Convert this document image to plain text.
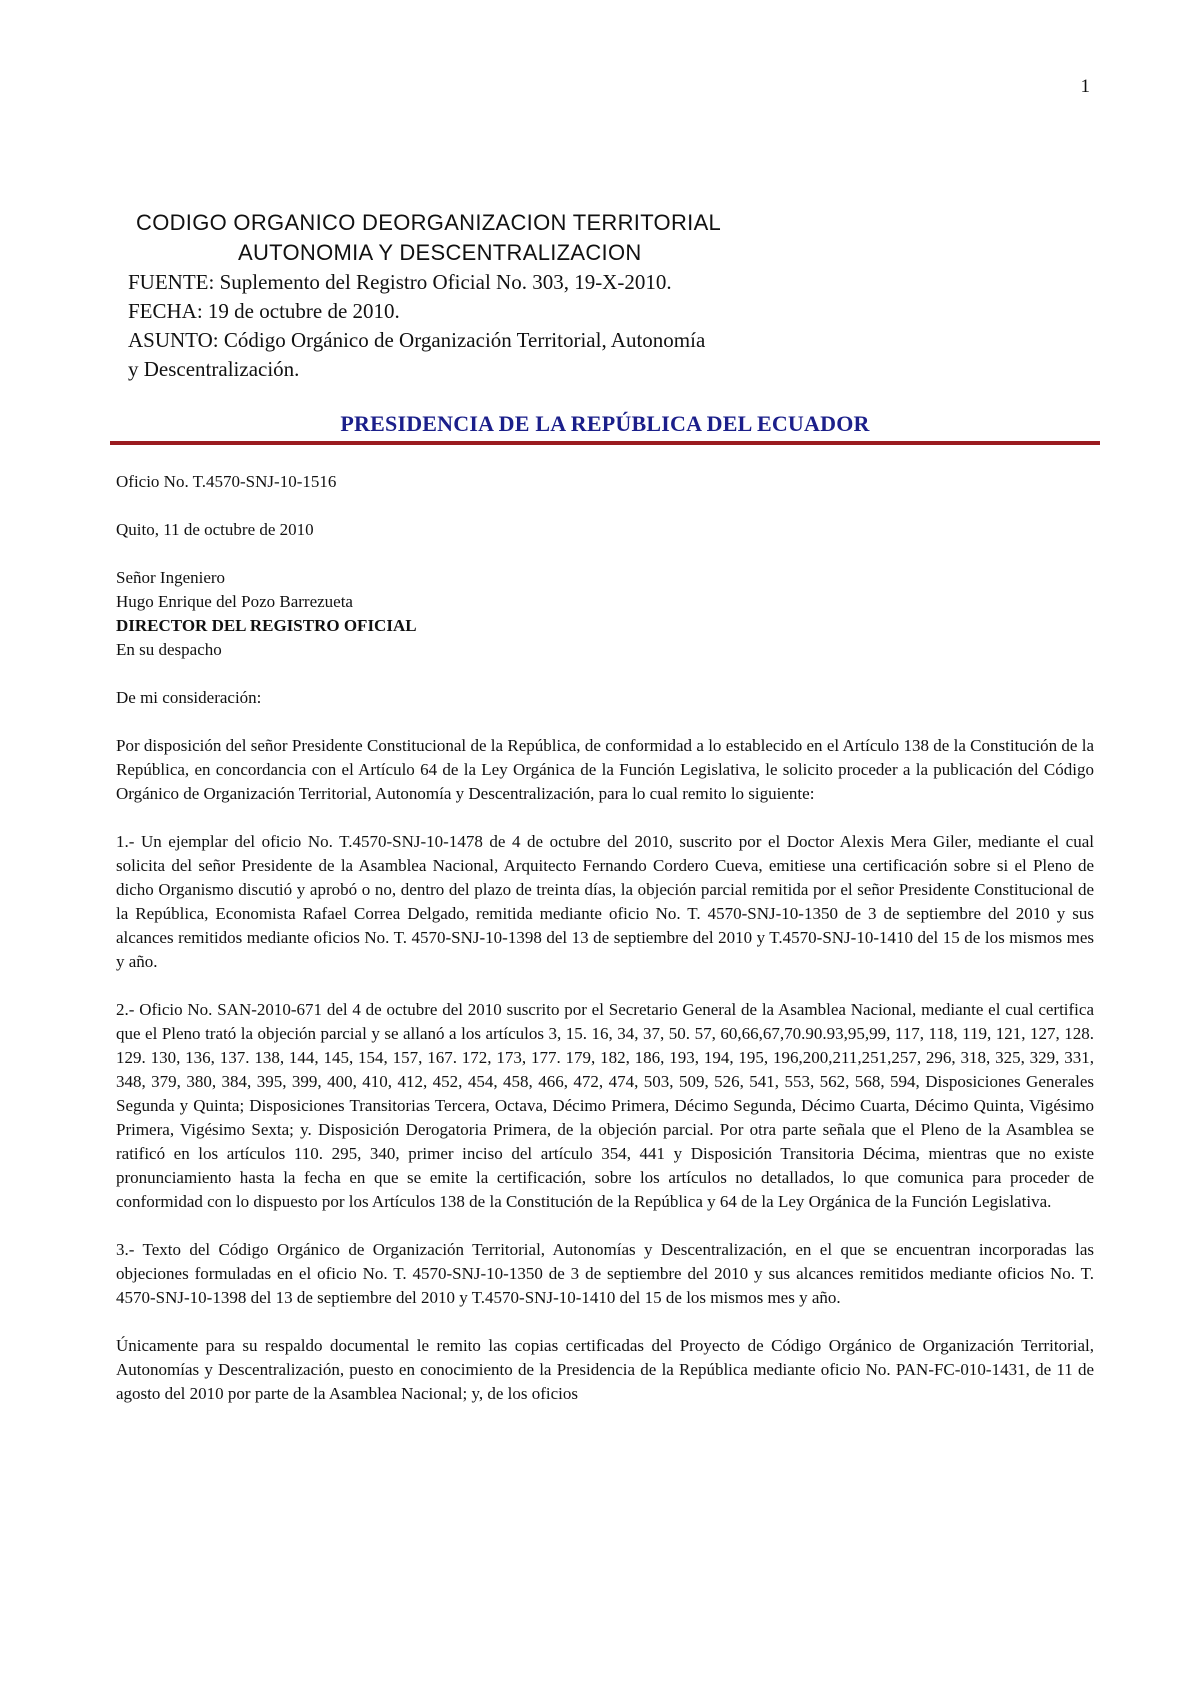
1
CODIGO ORGANICO DEORGANIZACION TERRITORIAL
AUTONOMIA Y DESCENTRALIZACION
FUENTE: Suplemento del Registro Oficial No. 303, 19-X-2010.
FECHA: 19 de octubre de 2010.
ASUNTO: Código Orgánico de Organización Territorial, Autonomía
y Descentralización.
PRESIDENCIA DE LA REPÚBLICA DEL ECUADOR

Oficio No. T.4570-SNJ-10-1516

Quito, 11 de octubre de 2010

Señor Ingeniero
Hugo Enrique del Pozo Barrezueta
DIRECTOR DEL REGISTRO OFICIAL
En su despacho

De mi consideración:

Por disposición del señor Presidente Constitucional de la República, de conformidad a lo establecido en el Artículo 138 de la Constitución de la República, en concordancia con el Artículo 64 de la Ley Orgánica de la Función Legislativa, le solicito proceder a la publicación del Código Orgánico de Organización Territorial, Autonomía y Descentralización, para lo cual remito lo siguiente:

1.- Un ejemplar del oficio No. T.4570-SNJ-10-1478 de 4 de octubre del 2010, suscrito por el Doctor Alexis Mera Giler, mediante el cual solicita del señor Presidente de la Asamblea Nacional, Arquitecto Fernando Cordero Cueva, emitiese una certificación sobre si el Pleno de dicho Organismo discutió y aprobó o no, dentro del plazo de treinta días, la objeción parcial remitida por el señor Presidente Constitucional de la República, Economista Rafael Correa Delgado, remitida mediante oficio No. T. 4570-SNJ-10-1350 de 3 de septiembre del 2010 y sus alcances remitidos mediante oficios No. T. 4570-SNJ-10-1398 del 13 de septiembre del 2010 y T.4570-SNJ-10-1410 del 15 de los mismos mes y año.

2.- Oficio No. SAN-2010-671 del 4 de octubre del 2010 suscrito por el Secretario General de la Asamblea Nacional, mediante el cual certifica que el Pleno trató la objeción parcial y se allanó a los artículos 3, 15. 16, 34, 37, 50. 57, 60,66,67,70.90.93,95,99, 117, 118, 119, 121, 127, 128. 129. 130, 136, 137. 138, 144, 145, 154, 157, 167. 172, 173, 177. 179, 182, 186, 193, 194, 195, 196,200,211,251,257, 296, 318, 325, 329, 331, 348, 379, 380, 384, 395, 399, 400, 410, 412, 452, 454, 458, 466, 472, 474, 503, 509, 526, 541, 553, 562, 568, 594, Disposiciones Generales Segunda y Quinta; Disposiciones Transitorias Tercera, Octava, Décimo Primera, Décimo Segunda, Décimo Cuarta, Décimo Quinta, Vigésimo Primera, Vigésimo Sexta; y. Disposición Derogatoria Primera, de la objeción parcial. Por otra parte señala que el Pleno de la Asamblea se ratificó en los artículos 110. 295, 340, primer inciso del artículo 354, 441 y Disposición Transitoria Décima, mientras que no existe pronunciamiento hasta la fecha en que se emite la certificación, sobre los artículos no detallados, lo que comunica para proceder de conformidad con lo dispuesto por los Artículos 138 de la Constitución de la República y 64 de la Ley Orgánica de la Función Legislativa.

3.- Texto del Código Orgánico de Organización Territorial, Autonomías y Descentralización, en el que se encuentran incorporadas las objeciones formuladas en el oficio No. T. 4570-SNJ-10-1350 de 3 de septiembre del 2010 y sus alcances remitidos mediante oficios No. T. 4570-SNJ-10-1398 del 13 de septiembre del 2010 y T.4570-SNJ-10-1410 del 15 de los mismos mes y año.

Únicamente para su respaldo documental le remito las copias certificadas del Proyecto de Código Orgánico de Organización Territorial, Autonomías y Descentralización, puesto en conocimiento de la Presidencia de la República mediante oficio No. PAN-FC-010-1431, de 11 de agosto del 2010 por parte de la Asamblea Nacional; y, de los oficios
